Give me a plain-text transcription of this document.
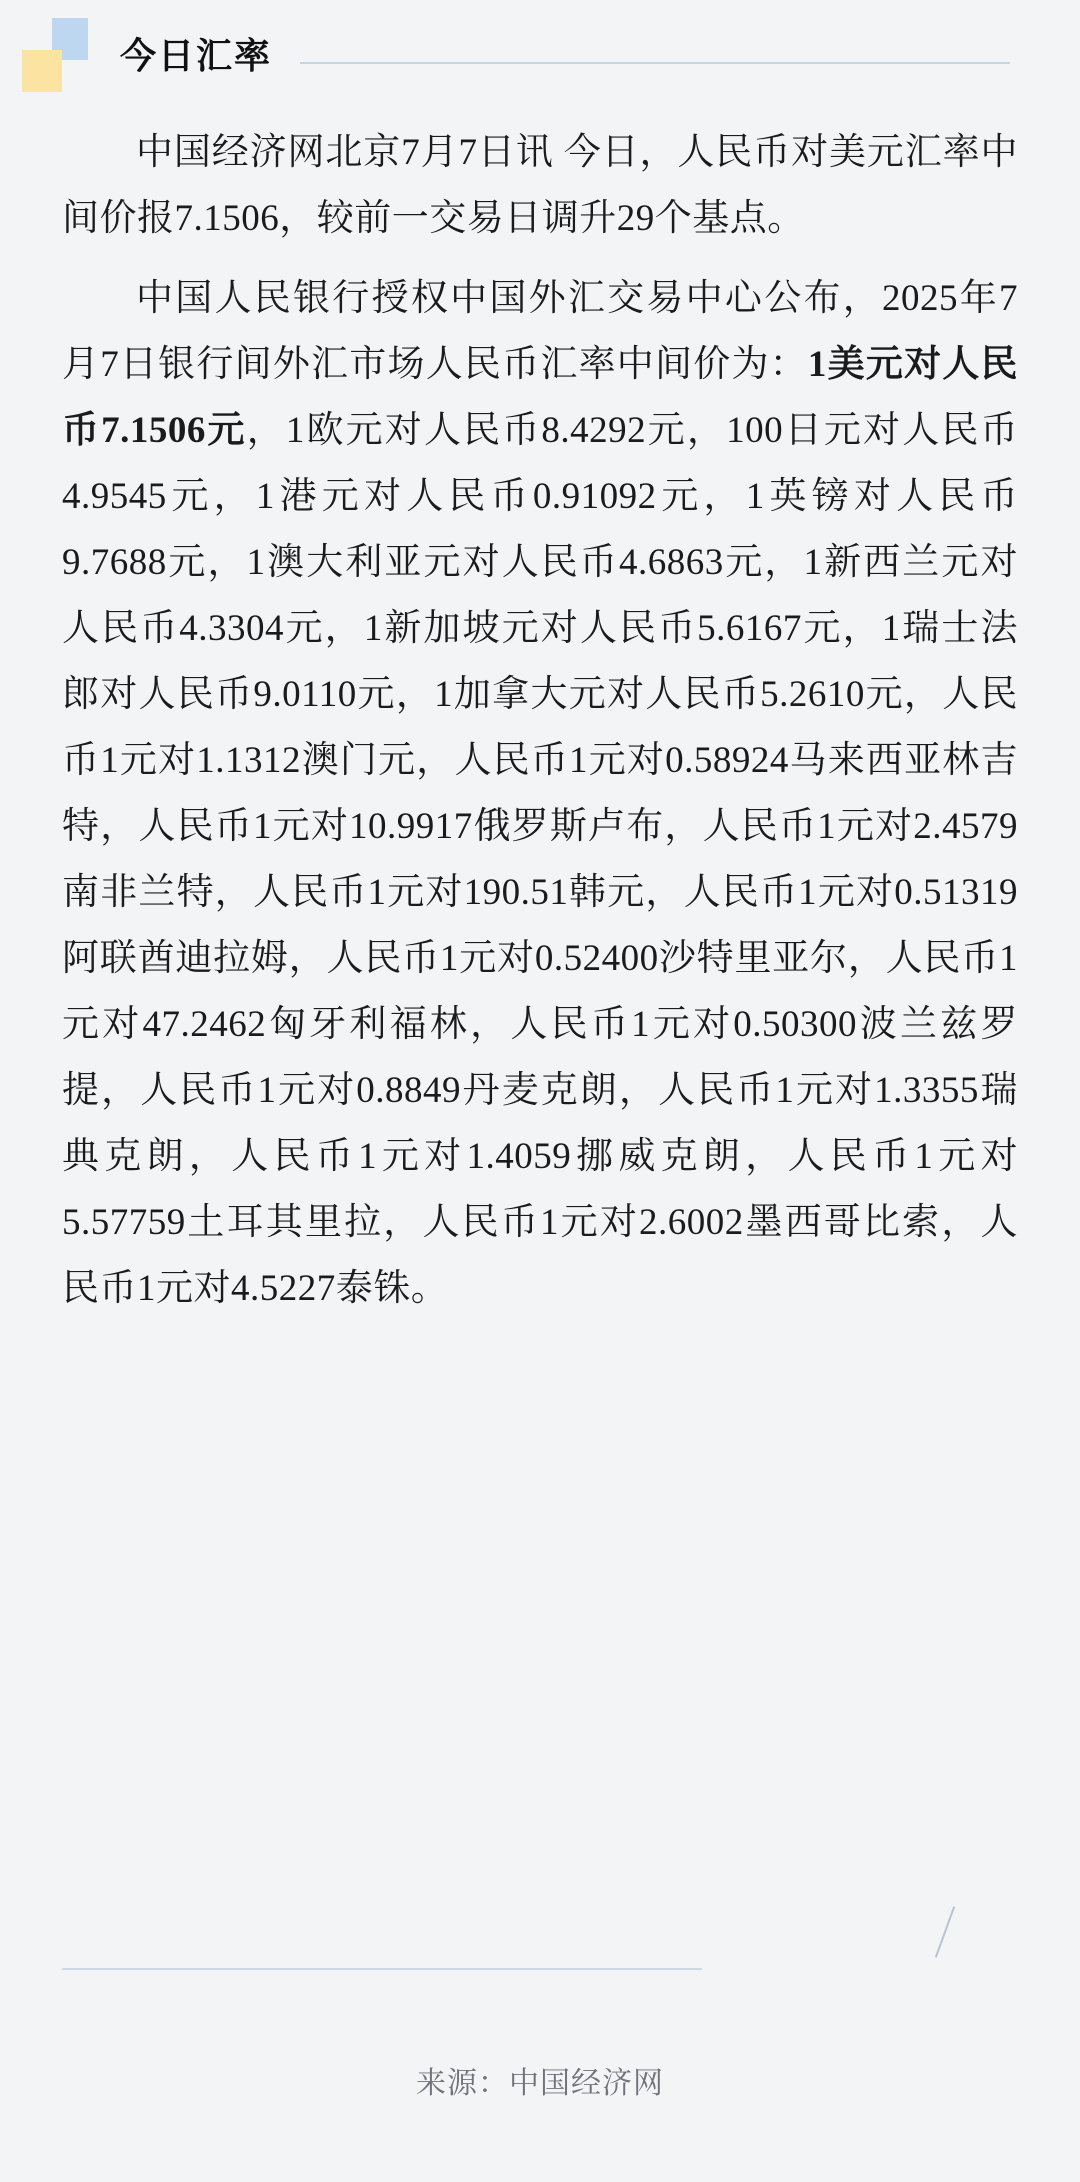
今日汇率

中国经济网北京7月7日讯 今日，人民币对美元汇率中间价报7.1506，较前一交易日调升29个基点。

中国人民银行授权中国外汇交易中心公布，2025年7月7日银行间外汇市场人民币汇率中间价为：1美元对人民币7.1506元，1欧元对人民币8.4292元，100日元对人民币4.9545元，1港元对人民币0.91092元，1英镑对人民币9.7688元，1澳大利亚元对人民币4.6863元，1新西兰元对人民币4.3304元，1新加坡元对人民币5.6167元，1瑞士法郎对人民币9.0110元，1加拿大元对人民币5.2610元，人民币1元对1.1312澳门元，人民币1元对0.58924马来西亚林吉特，人民币1元对10.9917俄罗斯卢布，人民币1元对2.4579南非兰特，人民币1元对190.51韩元，人民币1元对0.51319阿联酋迪拉姆，人民币1元对0.52400沙特里亚尔，人民币1元对47.2462匈牙利福林，人民币1元对0.50300波兰兹罗提，人民币1元对0.8849丹麦克朗，人民币1元对1.3355瑞典克朗，人民币1元对1.4059挪威克朗，人民币1元对5.57759土耳其里拉，人民币1元对2.6002墨西哥比索，人民币1元对4.5227泰铢。

来源：中国经济网
